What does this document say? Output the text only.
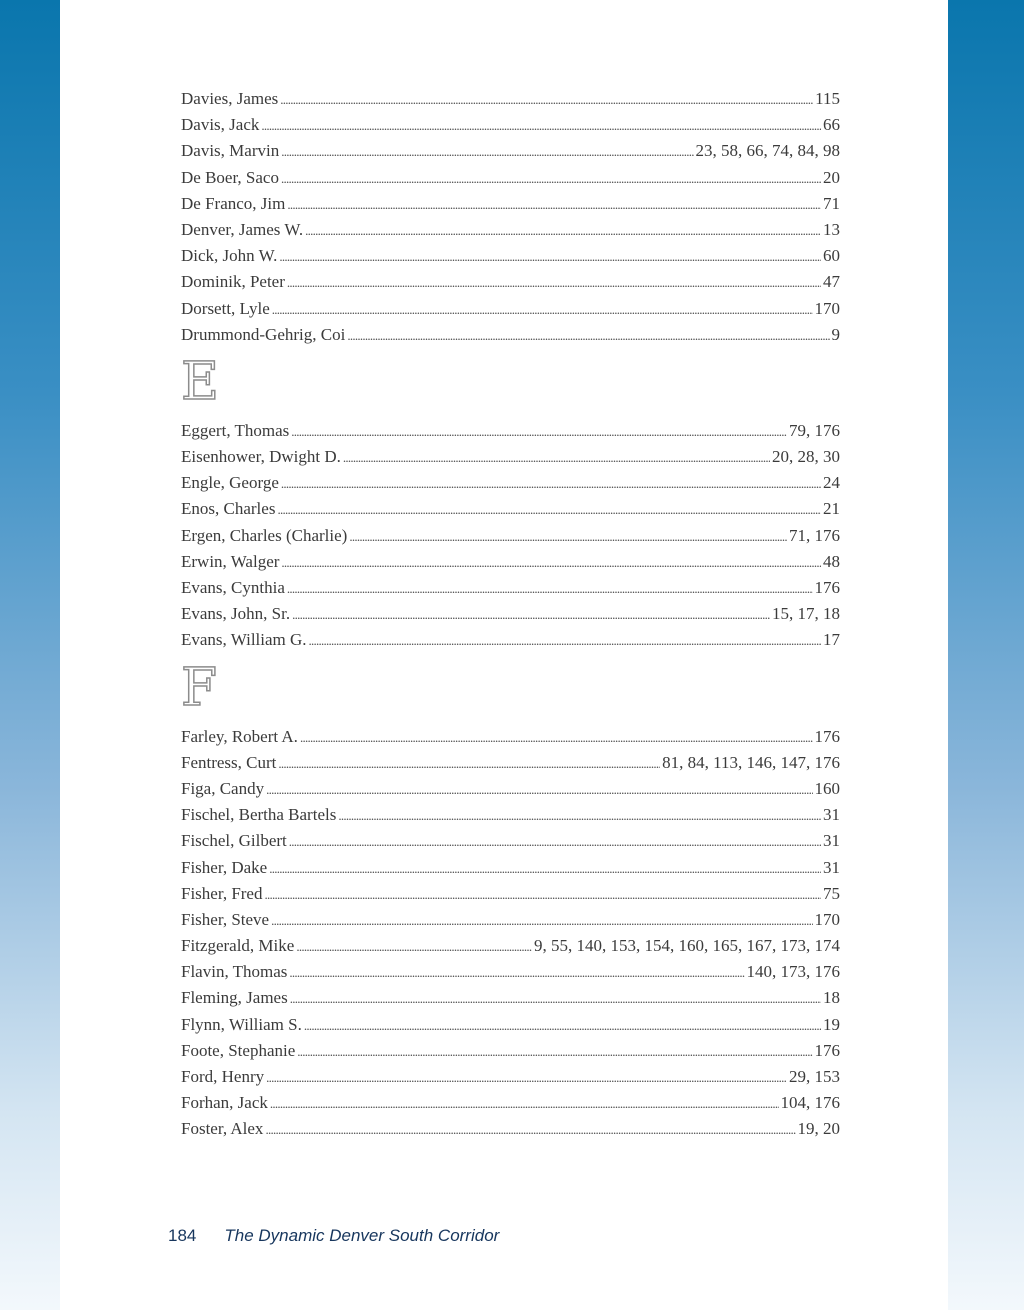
Davies, James . . .	115
Davis, Jack . . .	66
Davis, Marvin . . .	23, 58, 66, 74, 84, 98
De Boer, Saco . . .	20
De Franco, Jim . . .	71
Denver, James W. . . .	13
Dick, John W. . . .	60
Dominik, Peter . . .	47
Dorsett, Lyle . . .	170
Drummond-Gehrig, Coi . . .	9
E
Eggert, Thomas . . .	79, 176
Eisenhower, Dwight D. . . .	20, 28, 30
Engle, George . . .	24
Enos, Charles . . .	21
Ergen, Charles (Charlie) . . .	71, 176
Erwin, Walger . . .	48
Evans, Cynthia . . .	176
Evans, John, Sr. . . .	15, 17, 18
Evans, William G. . . .	17
F
Farley, Robert A. . . .	176
Fentress, Curt . . .	81, 84, 113, 146, 147, 176
Figa, Candy . . .	160
Fischel, Bertha Bartels . . .	31
Fischel, Gilbert . . .	31
Fisher, Dake . . .	31
Fisher, Fred . . .	75
Fisher, Steve . . .	170
Fitzgerald, Mike . . .	9, 55, 140, 153, 154, 160, 165, 167, 173, 174
Flavin, Thomas . . .	140, 173, 176
Fleming, James . . .	18
Flynn, William S. . . .	19
Foote, Stephanie . . .	176
Ford, Henry . . .	29, 153
Forhan, Jack . . .	104, 176
Foster, Alex . . .	19, 20
184 The Dynamic Denver South Corridor
